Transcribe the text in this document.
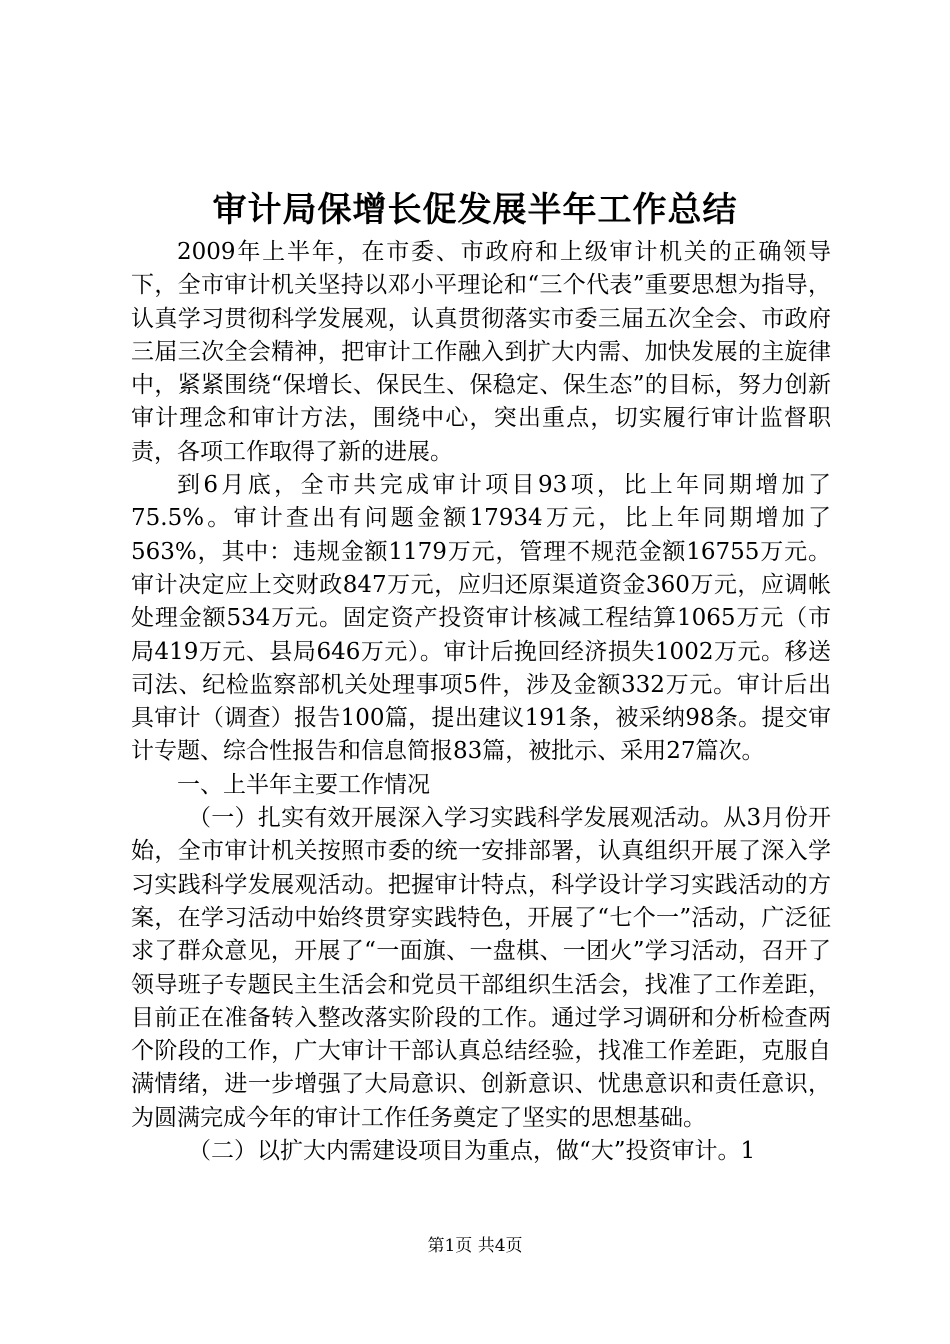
审计局保增长促发展半年工作总结

2009年上半年，在市委、市政府和上级审计机关的正确领导下，全市审计机关坚持以邓小平理论和“三个代表”重要思想为指导，认真学习贯彻科学发展观，认真贯彻落实市委三届五次全会、市政府三届三次全会精神，把审计工作融入到扩大内需、加快发展的主旋律中，紧紧围绕“保增长、保民生、保稳定、保生态”的目标，努力创新审计理念和审计方法，围绕中心，突出重点，切实履行审计监督职责，各项工作取得了新的进展。

到6月底，全市共完成审计项目93项，比上年同期增加了75.5%。审计查出有问题金额17934万元，比上年同期增加了563%，其中：违规金额1179万元，管理不规范金额16755万元。审计决定应上交财政847万元，应归还原渠道资金360万元，应调帐处理金额534万元。固定资产投资审计核减工程结算1065万元（市局419万元、县局646万元）。审计后挽回经济损失1002万元。移送司法、纪检监察部机关处理事项5件，涉及金额332万元。审计后出具审计（调查）报告100篇，提出建议191条，被采纳98条。提交审计专题、综合性报告和信息简报83篇，被批示、采用27篇次。

一、上半年主要工作情况

（一）扎实有效开展深入学习实践科学发展观活动。从3月份开始，全市审计机关按照市委的统一安排部署，认真组织开展了深入学习实践科学发展观活动。把握审计特点，科学设计学习实践活动的方案，在学习活动中始终贯穿实践特色，开展了“七个一”活动，广泛征求了群众意见，开展了“一面旗、一盘棋、一团火”学习活动，召开了领导班子专题民主生活会和党员干部组织生活会，找准了工作差距，目前正在准备转入整改落实阶段的工作。通过学习调研和分析检查两个阶段的工作，广大审计干部认真总结经验，找准工作差距，克服自满情绪，进一步增强了大局意识、创新意识、忧患意识和责任意识，为圆满完成今年的审计工作任务奠定了坚实的思想基础。

（二）以扩大内需建设项目为重点，做“大”投资审计。1

第1页 共4页
